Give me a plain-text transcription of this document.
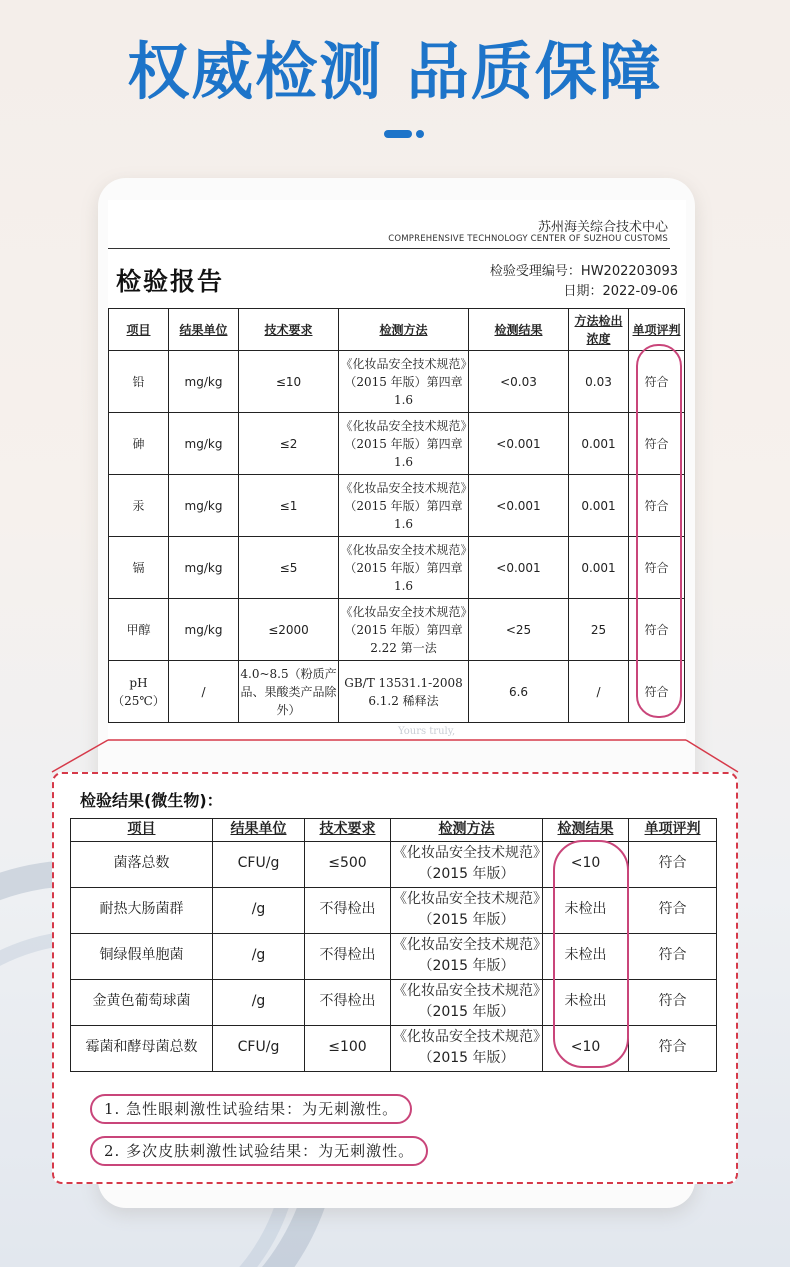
权威检测 品质保障
苏州海关综合技术中心
COMPREHENSIVE TECHNOLOGY CENTER OF SUZHOU CUSTOMS
检验报告	检验受理编号：HW202203093
日期：2022-09-06
项目	结果单位	技术要求	检测方法	检测结果	方法检出浓度	单项评判
铅	mg/kg	≤10	《化妆品安全技术规范》（2015 年版）第四章 1.6	<0.03	0.03	符合
砷	mg/kg	≤2	《化妆品安全技术规范》（2015 年版）第四章 1.6	<0.001	0.001	符合
汞	mg/kg	≤1	《化妆品安全技术规范》（2015 年版）第四章 1.6	<0.001	0.001	符合
镉	mg/kg	≤5	《化妆品安全技术规范》（2015 年版）第四章 1.6	<0.001	0.001	符合
甲醇	mg/kg	≤2000	《化妆品安全技术规范》（2015 年版）第四章 2.22 第一法	<25	25	符合
pH（25℃）	/	4.0~8.5（粉质产品、果酸类产品除外）	GB/T 13531.1-2008 6.1.2 稀释法	6.6	/	符合
Yours truly,
检验结果(微生物)：
项目	结果单位	技术要求	检测方法	检测结果	单项评判
菌落总数	CFU/g	≤500	《化妆品安全技术规范》（2015 年版）	<10	符合
耐热大肠菌群	/g	不得检出	《化妆品安全技术规范》（2015 年版）	未检出	符合
铜绿假单胞菌	/g	不得检出	《化妆品安全技术规范》（2015 年版）	未检出	符合
金黄色葡萄球菌	/g	不得检出	《化妆品安全技术规范》（2015 年版）	未检出	符合
霉菌和酵母菌总数	CFU/g	≤100	《化妆品安全技术规范》（2015 年版）	<10	符合
1. 急性眼刺激性试验结果：为无刺激性。
2. 多次皮肤刺激性试验结果：为无刺激性。
